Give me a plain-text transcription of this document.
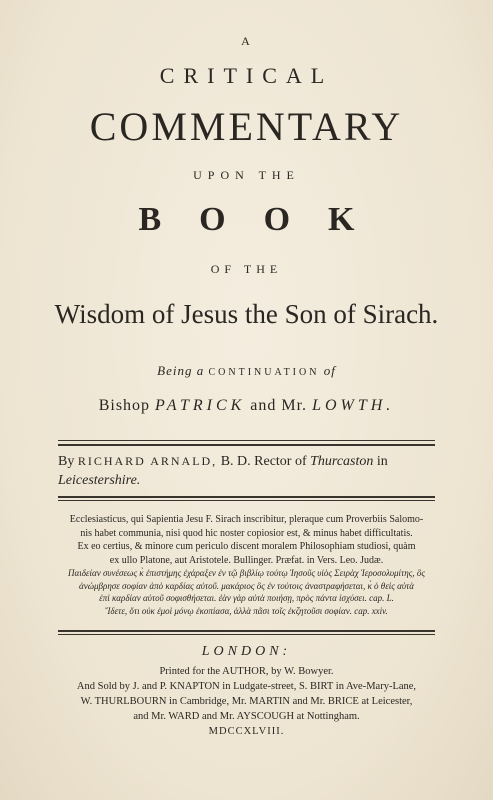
A
CRITICAL
COMMENTARY
UPON THE
BOOK
OF THE
Wisdom of Jesus the Son of Sirach.
Being a CONTINUATION of
Bishop PATRICK and Mr. LOWTH.
By RICHARD ARNALD, B. D. Rector of Thurcaston in Leicestershire.
Ecclesiasticus, qui Sapientia Jesu F. Sirach inscribitur, pleraque cum Proverbiis Salomo-
nis habet communia, nisi quod hic noster copiosior est, & minus habet difficultatis.
Ex eo certius, & minore cum periculo discent moralem Philosophiam studiosi, quàm
ex ullo Platone, aut Aristotele. Bullinger. Præfat. in Vers. Leo. Judæ.
Παιδείαν συνέσεως κ̀ ἐπιστήμης ἐχάραξεν ἐν τῷ βιβλίῳ τούτῳ Ἰησοῦς υἱὸς Σειρὰχ Ἱεροσολυμίτης, ὃς
ἀνώμβρησε σοφίαν ἀπὸ καρδίας αὐτοῦ. μακάριος ὃς ἐν τούτοις ἀναστραφήσεται, κ̀ ὁ θεὶς αὐτὰ
ἐπὶ καρδίαν αὐτοῦ σοφισθήσεται. ἐὰν γὰρ αὐτὰ ποιήσῃ, πρὸς πάντα ἰσχύσει. cap. L.
Ἴδετε, ὅτι οὐκ ἐμοὶ μόνῳ ἐκοπίασα, ἀλλὰ πᾶσι τοῖς ἐκζητοῦσι σοφίαν. cap. xxiv.
LONDON:
Printed for the AUTHOR, by W. Bowyer.
And Sold by J. and P. KNAPTON in Ludgate-street, S. BIRT in Ave-Mary-Lane,
W. THURLBOURN in Cambridge, Mr. MARTIN and Mr. BRICE at Leicester,
and Mr. WARD and Mr. AYSCOUGH at Nottingham.
MDCCXLVIII.
